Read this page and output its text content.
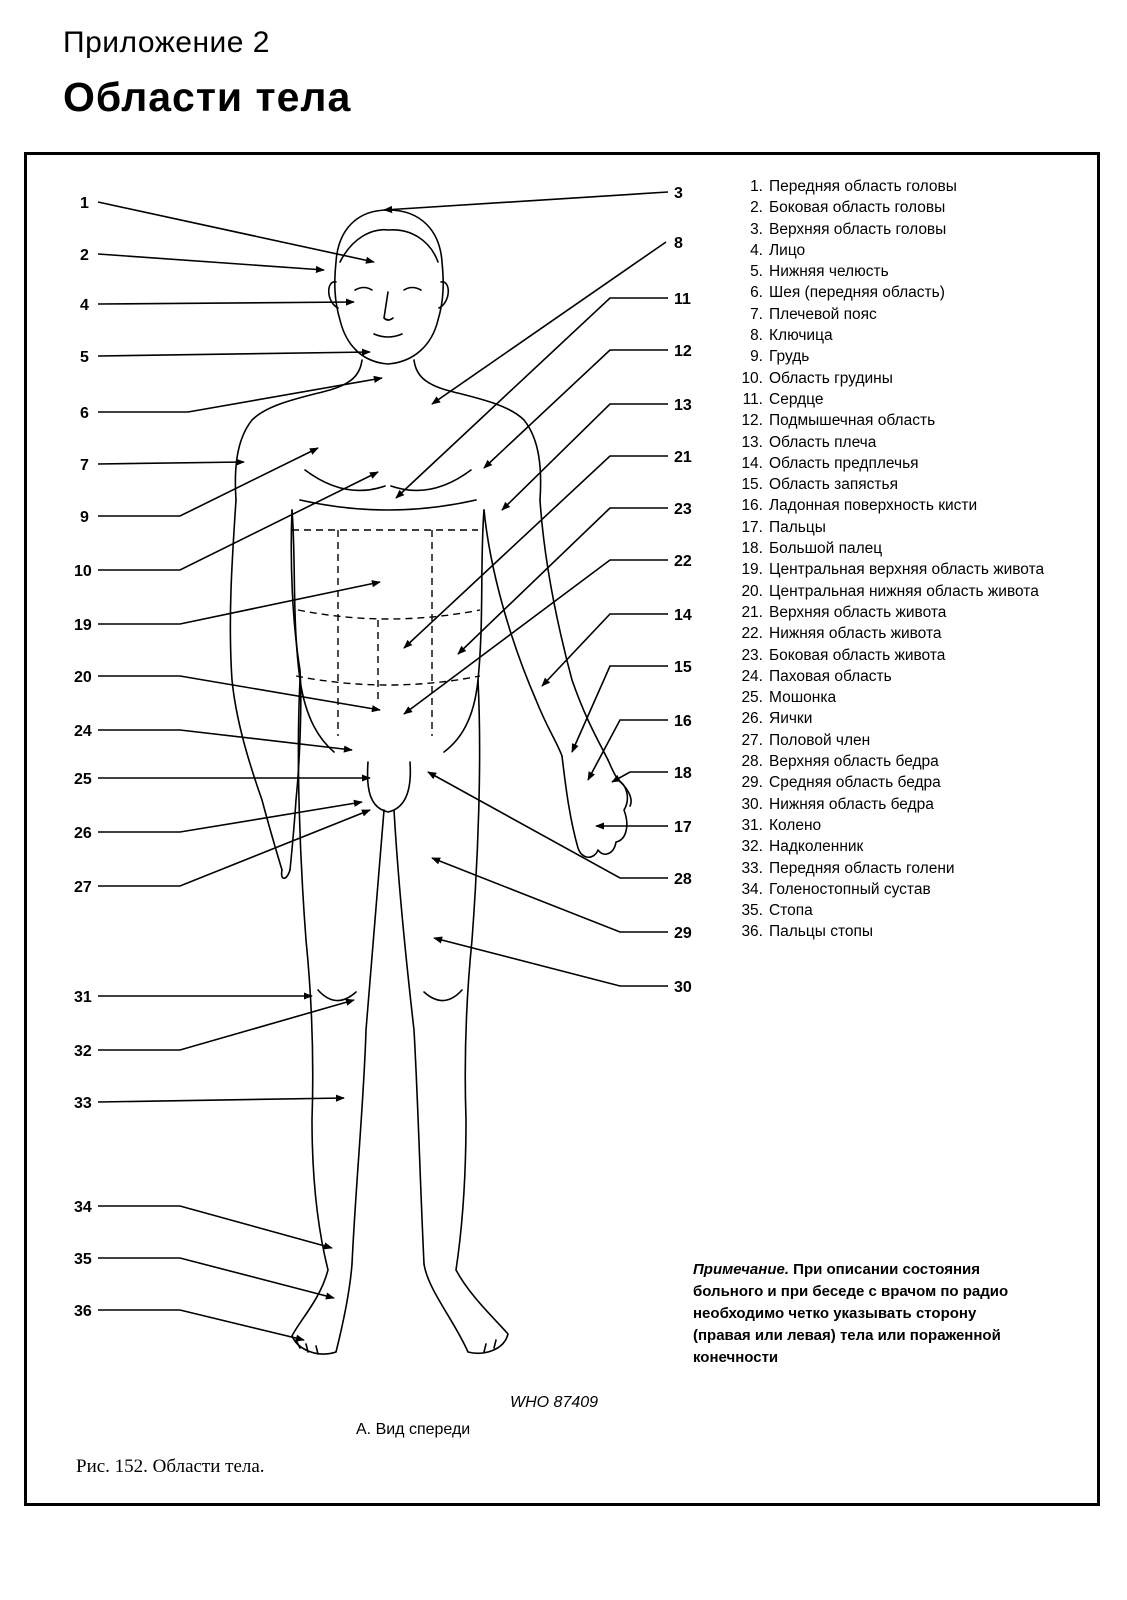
Приложение 2
Области тела
1
2
3
4
5
6
7
8
9
10
11
12
13
14
15
16
17
18
19
20
21
22
23
24
25
26
27	28
29
30
31
32
33
34
35
36
1. Передняя область головы
2. Боковая область головы
3. Верхняя область головы
4. Лицо
5. Нижняя челюсть
6. Шея (передняя область)
7. Плечевой пояс
8. Ключица
9. Грудь
10. Область грудины
11. Сердце
12. Подмышечная область
13. Область плеча
14. Область предплечья
15. Область запястья
16. Ладонная поверхность кисти
17. Пальцы
18. Большой палец
19. Центральная верхняя область живота
20. Центральная нижняя область живота
21. Верхняя область живота
22. Нижняя область живота
23. Боковая область живота
24. Паховая область
25. Мошонка
26. Яички
27. Половой член
28. Верхняя область бедра
29. Средняя область бедра
30. Нижняя область бедра
31. Колено
32. Надколенник
33. Передняя область голени
34. Голеностопный сустав
35. Стопа
36. Пальцы стопы
Примечание. При описании состояния больного и при беседе с врачом по радио необходимо четко указывать сторону (правая или левая) тела или пораженной конечности
WHO 87409
А. Вид спереди
Рис. 152. Области тела.
